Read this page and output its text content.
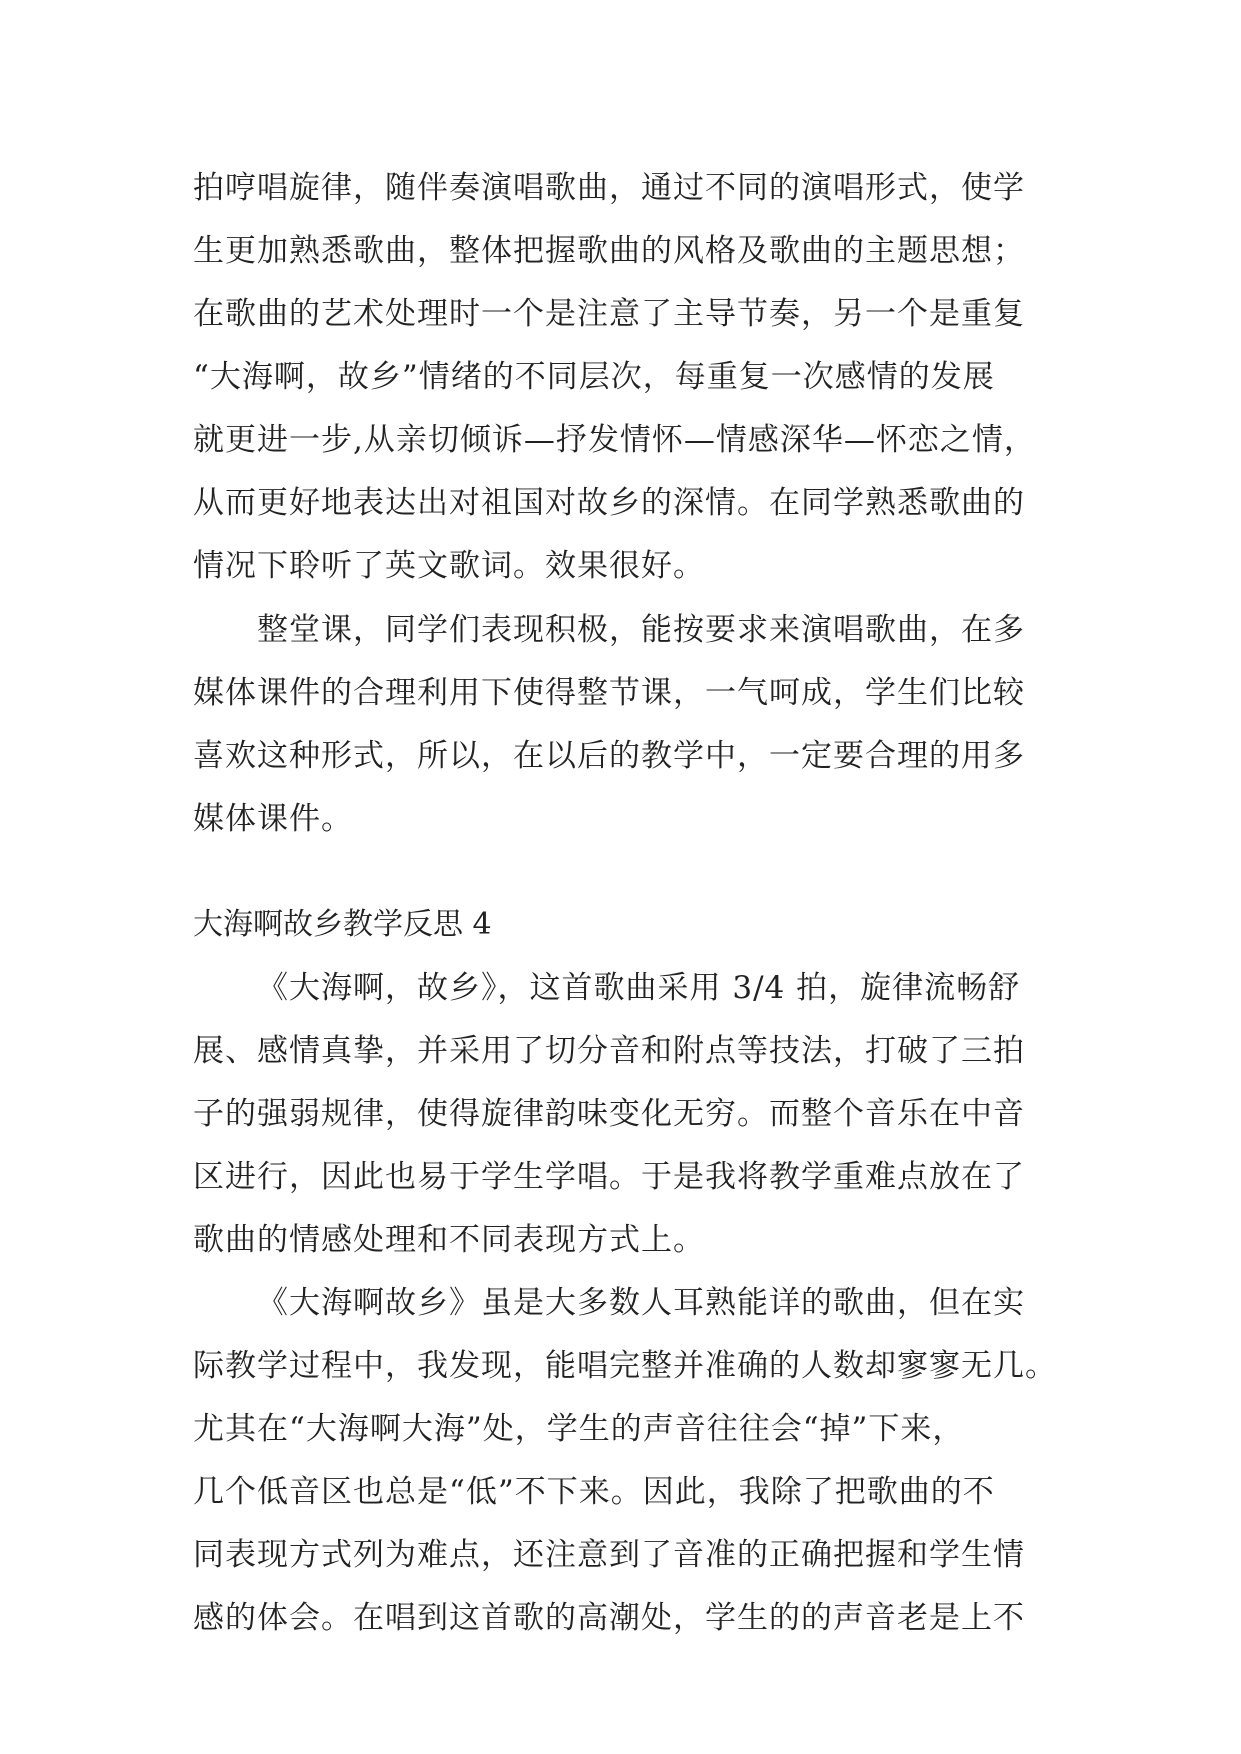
拍哼唱旋律，随伴奏演唱歌曲，通过不同的演唱形式，使学
生更加熟悉歌曲，整体把握歌曲的风格及歌曲的主题思想；
在歌曲的艺术处理时一个是注意了主导节奏，另一个是重复
“大海啊，故乡”情绪的不同层次，每重复一次感情的发展
就更进一步,从亲切倾诉—抒发情怀—情感深华—怀恋之情，
从而更好地表达出对祖国对故乡的深情。在同学熟悉歌曲的
情况下聆听了英文歌词。效果很好。
整堂课，同学们表现积极，能按要求来演唱歌曲，在多
媒体课件的合理利用下使得整节课，一气呵成，学生们比较
喜欢这种形式，所以，在以后的教学中，一定要合理的用多
媒体课件。
大海啊故乡教学反思 4
《大海啊，故乡》，这首歌曲采用 3/4 拍，旋律流畅舒
展、感情真挚，并采用了切分音和附点等技法，打破了三拍
子的强弱规律，使得旋律韵味变化无穷。而整个音乐在中音
区进行，因此也易于学生学唱。于是我将教学重难点放在了
歌曲的情感处理和不同表现方式上。
《大海啊故乡》虽是大多数人耳熟能详的歌曲，但在实
际教学过程中，我发现，能唱完整并准确的人数却寥寥无几。
尤其在“大海啊大海”处，学生的声音往往会“掉”下来，
几个低音区也总是“低”不下来。因此，我除了把歌曲的不
同表现方式列为难点，还注意到了音准的正确把握和学生情
感的体会。在唱到这首歌的高潮处，学生的的声音老是上不
